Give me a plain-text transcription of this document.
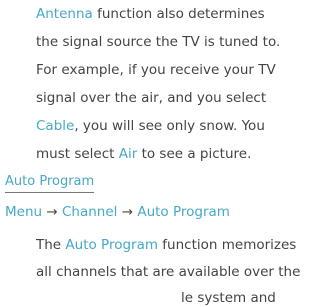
Antenna function also determines
the signal source the TV is tuned to.
For example, if you receive your TV
signal over the air, and you select
Cable, you will see only snow. You
must select Air to see a picture.
Auto Program
Menu → Channel → Auto Program
The Auto Program function memorizes
all channels that are available over the
le system and
